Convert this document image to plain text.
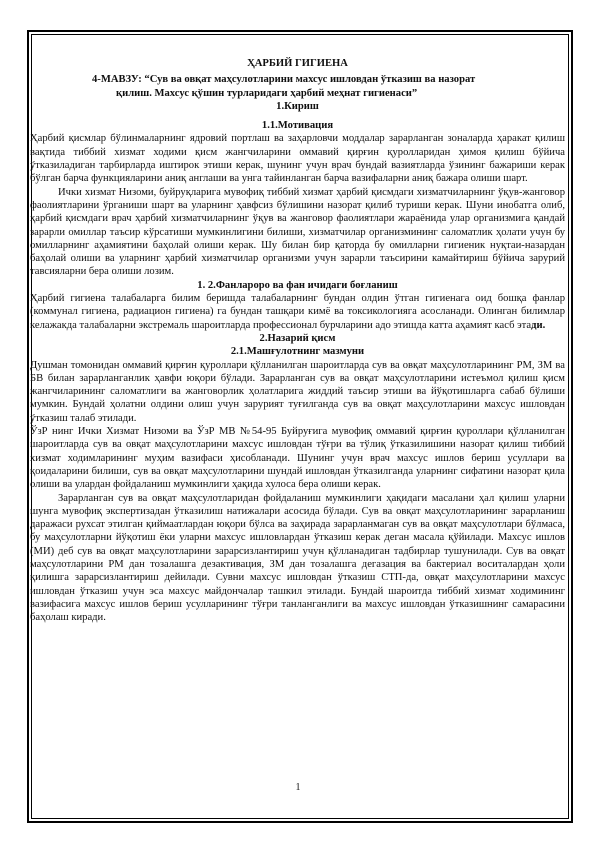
ҲАРБИЙ ГИГИЕНА

4-МАВЗУ: “Сув ва овқат маҳсулотларини махсус ишловдан ўтказиш ва назорат

қилиш. Махсус қўшин турларидаги ҳарбий меҳнат гигиенаси”

1.Кириш

1.1.Мотивация

Ҳарбий қисмлар бўлинмаларнинг ядровий портлаш ва заҳарловчи моддалар зарарланган зоналарда ҳаракат қилиш вақтида тиббий хизмат ходими қисм жангчиларини оммавий қирғин қуролларидан ҳимоя қилиш бўйича ўтказиладиган тарбирларда иштирок этиши керак, шунинг учун врач бундай вазиятларда ўзининг бажариши керак бўлган барча функцияларини аниқ англаши ва унга тайинланган барча вазифаларни аниқ бажара олиши шарт.

Ички хизмат Низоми, буйруқларига мувофиқ тиббий хизмат ҳарбий қисмдаги хизматчиларнинг ўқув-жанговор фаолиятларини ўрганиши шарт ва уларнинг ҳавфсиз бўлишини назорат қилиб туриши керак. Шуни инобатга олиб, ҳарбий қисмдаги врач ҳарбий хизматчиларнинг ўқув ва жанговор фаолиятлари жараёнида улар организмига қандай зарарли омиллар таъсир кўрсатиши мумкинлигини билиши, хизматчилар организмининг саломатлик ҳолати учун бу омилларнинг аҳамиятини баҳолай олиши керак. Шу билан бир қаторда бу омилларни гигиеник нуқтаи-назардан баҳолай олиши ва уларнинг ҳарбий хизматчилар организми учун зарарли таъсирини камайтириш бўйича зарурий тавсияларни бера олиши лозим.

1. 2.Фанлароро ва фан ичидаги боғланиш

Ҳарбий гигиена талабаларга билим беришда талабаларнинг бундан олдин ўтган гигиенага оид бошқа фанлар (коммунал гигиена, радиацион гигиена) га бундан ташқари кимё ва токсикологияга асосланади. Олинган билимлар келажакда талабаларни экстремаль шароитларда профессионал бурчларини адо этишда катта аҳамият касб этади.

2.Назарий қисм

2.1.Машғулотнинг мазмуни

Душман томонидан оммавий қирғин қуроллари қўлланилган шароитларда сув ва овқат маҳсулотларининг РМ, ЗМ ва БВ билан зарарланганлик ҳавфи юқори бўлади. Зарарланган сув ва овқат маҳсулотларини истеъмол қилиш қисм жангчиларининг саломатлиги ва жанговорлик ҳолатларига жиддий таъсир этиши ва йўқотишларга сабаб бўлиши мумкин. Бундай ҳолатни олдини олиш учун зарурият туғилганда сув ва овқат маҳсулотларини махсус ишловдан ўтказиш талаб этилади.

ЎзР нинг Ички Хизмат Низоми ва ЎзР МВ №54-95 Буйруғига мувофиқ оммавий қирғин қуроллари қўлланилган шароитларда сув ва овқат маҳсулотларини махсус ишловдан тўғри ва тўлиқ ўтказилишини назорат қилиш тиббий хизмат ходимларининг муҳим вазифаси ҳисобланади. Шунинг учун врач махсус ишлов бериш усуллари ва қоидаларини билиши, сув ва овқат маҳсулотларини шундай ишловдан ўтказилганда уларнинг сифатини назорат қила олиши ва улардан фойдаланиш мумкинлиги ҳақида хулоса бера олиши керак.

Зарарланган сув ва овқат маҳсулотларидан фойдаланиш мумкинлиги ҳақидаги масалани ҳал қилиш уларни шунга мувофиқ экспертизадан ўтказилиш натижалари асосида бўлади. Сув ва овқат маҳсулотларининг зарарланиш даражаси рухсат этилган қиймаатлардан юқори бўлса ва заҳирада зарарланмаган сув ва овқат маҳсулотлари бўлмаса, бу маҳсулотларни йўқотиш ёки уларни махсус ишловлардан ўтказиш керак деган масала қўйилади. Махсус ишлов (МИ) деб сув ва овқат маҳсулотларини зарарсизлантириш учун қўлланадиган тадбирлар тушунилади. Сув ва овқат маҳсулотларини РМ дан тозалашга дезактивация, ЗМ дан тозалашга дегазация ва бактериал воситалардан ҳоли қилишга зарарсизлантириш дейилади. Сувни махсус ишловдан ўтказиш СТП-да, овқат маҳсулотларини махсус ишловдан ўтказиш учун эса махсус майдончалар ташкил этилади. Бундай шароитда тиббий хизмат ходимининг вазифасига махсус ишлов бериш усулларининг тўғри танланганлиги ва махсус ишловдан ўтказишнинг самарасини баҳолаш киради.

1
